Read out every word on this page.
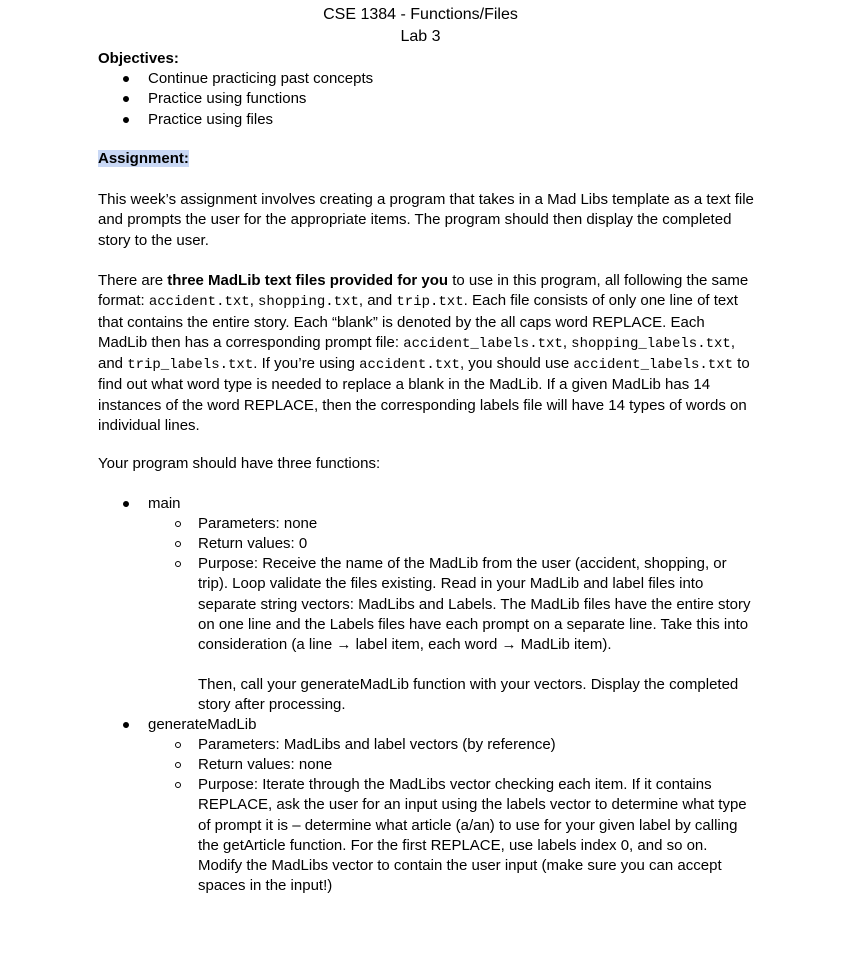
CSE 1384 - Functions/Files
Lab 3
Objectives:
Continue practicing past concepts
Practice using functions
Practice using files
Assignment:
This week’s assignment involves creating a program that takes in a Mad Libs template as a text file and prompts the user for the appropriate items. The program should then display the completed story to the user.
There are three MadLib text files provided for you to use in this program, all following the same format: accident.txt, shopping.txt, and trip.txt. Each file consists of only one line of text that contains the entire story. Each “blank” is denoted by the all caps word REPLACE. Each MadLib then has a corresponding prompt file: accident_labels.txt, shopping_labels.txt, and trip_labels.txt. If you’re using accident.txt, you should use accident_labels.txt to find out what word type is needed to replace a blank in the MadLib. If a given MadLib has 14 instances of the word REPLACE, then the corresponding labels file will have 14 types of words on individual lines.
Your program should have three functions:
main
Parameters: none
Return values: 0
Purpose: Receive the name of the MadLib from the user (accident, shopping, or trip). Loop validate the files existing. Read in your MadLib and label files into separate string vectors: MadLibs and Labels. The MadLib files have the entire story on one line and the Labels files have each prompt on a separate line. Take this into consideration (a line → label item, each word → MadLib item).
Then, call your generateMadLib function with your vectors. Display the completed story after processing.
generateMadLib
Parameters: MadLibs and label vectors (by reference)
Return values: none
Purpose: Iterate through the MadLibs vector checking each item. If it contains REPLACE, ask the user for an input using the labels vector to determine what type of prompt it is – determine what article (a/an) to use for your given label by calling the getArticle function. For the first REPLACE, use labels index 0, and so on. Modify the MadLibs vector to contain the user input (make sure you can accept spaces in the input!)
